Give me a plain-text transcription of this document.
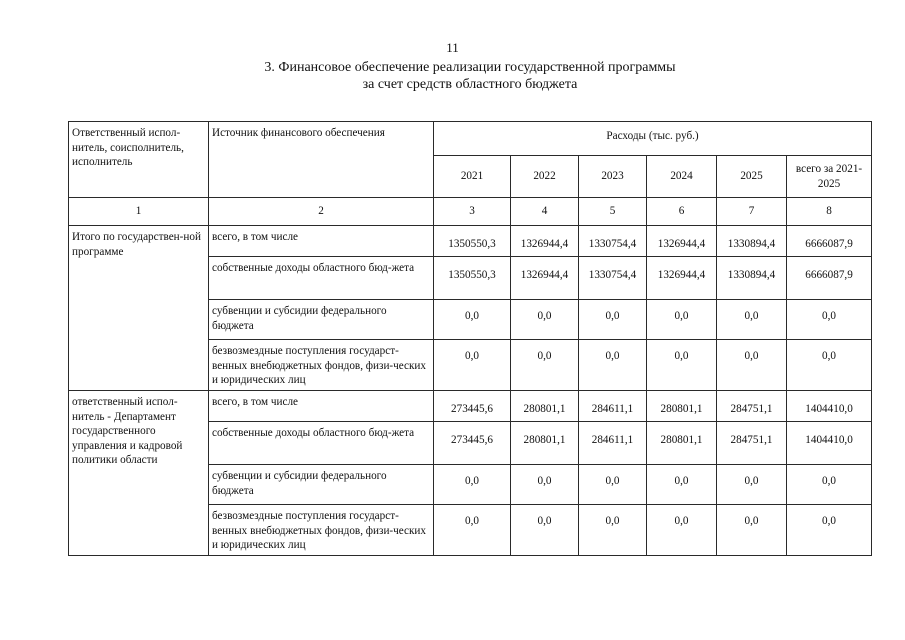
11
3. Финансовое обеспечение реализации государственной программы
за счет средств областного бюджета
Ответственный испол-нитель, соисполнитель, исполнитель	Источник финансового обеспечения	Расходы (тыс. руб.)					
		2021	2022	2023	2024	2025	всего за 2021-2025
1	2	3	4	5	6	7	8
Итого по государствен-ной программе	всего, в том числе	1350550,3	1326944,4	1330754,4	1326944,4	1330894,4	6666087,9
	собственные доходы областного бюд-жета	1350550,3	1326944,4	1330754,4	1326944,4	1330894,4	6666087,9
	субвенции и субсидии федерального бюджета	0,0	0,0	0,0	0,0	0,0	0,0
	безвозмездные поступления государст-венных внебюджетных фондов, физи-ческих и юридических лиц	0,0	0,0	0,0	0,0	0,0	0,0
ответственный испол-нитель - Департамент государственного управления и кадровой политики области	всего, в том числе	273445,6	280801,1	284611,1	280801,1	284751,1	1404410,0
	собственные доходы областного бюд-жета	273445,6	280801,1	284611,1	280801,1	284751,1	1404410,0
	субвенции и субсидии федерального бюджета	0,0	0,0	0,0	0,0	0,0	0,0
	безвозмездные поступления государст-венных внебюджетных фондов, физи-ческих и юридических лиц	0,0	0,0	0,0	0,0	0,0	0,0
